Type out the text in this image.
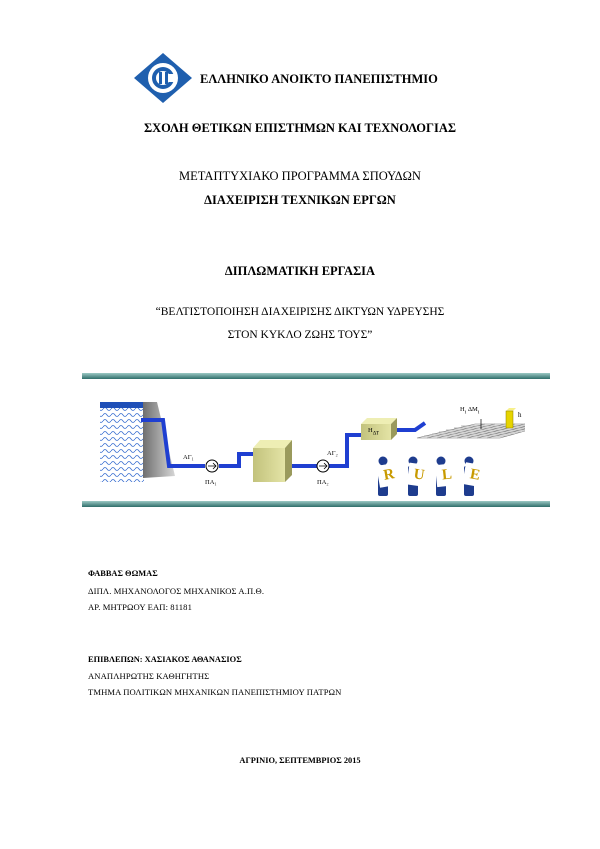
ΕΛΛΗΝΙΚΟ ΑΝΟΙΚΤΟ ΠΑΝΕΠΙΣΤΗΜΙΟ
ΣΧΟΛΗ ΘΕΤΙΚΩΝ ΕΠΙΣΤΗΜΩΝ ΚΑΙ ΤΕΧΝΟΛΟΓΙΑΣ
ΜΕΤΑΠΤΥΧΙΑΚΟ ΠΡΟΓΡΑΜΜΑ ΣΠΟΥΔΩΝ
ΔΙΑΧΕΙΡΙΣΗ ΤΕΧΝΙΚΩΝ ΕΡΓΩΝ
ΔΙΠΛΩΜΑΤΙΚΗ ΕΡΓΑΣΙΑ
“ΒΕΛΤΙΣΤΟΠΟΙΗΣΗ ΔΙΑΧΕΙΡΙΣΗΣ ΔΙΚΤΥΩΝ ΥΔΡΕΥΣΗΣ
ΣΤΟΝ ΚΥΚΛΟ ΖΩΗΣ ΤΟΥΣ”
ΑΓ₁
ΠΑ₁
ΑΓ₂
ΠΑ₂
$H_{\Delta T}$
$H_i$ $\Delta M_i$	h
R	U	L	E
ΦΑΒΒΑΣ ΘΩΜΑΣ
ΔΙΠΛ. ΜΗΧΑΝΟΛΟΓΟΣ ΜΗΧΑΝΙΚΟΣ Α.Π.Θ.
ΑΡ. ΜΗΤΡΩΟΥ ΕΑΠ: 81181
ΕΠΙΒΛΕΠΩΝ: ΧΑΣΙΑΚΟΣ ΑΘΑΝΑΣΙΟΣ
ΑΝΑΠΛΗΡΩΤΗΣ ΚΑΘΗΓΗΤΗΣ
ΤΜΗΜΑ ΠΟΛΙΤΙΚΩΝ ΜΗΧΑΝΙΚΩΝ ΠΑΝΕΠΙΣΤΗΜΙΟΥ ΠΑΤΡΩΝ
ΑΓΡΙΝΙΟ, ΣΕΠΤΕΜΒΡΙΟΣ 2015
